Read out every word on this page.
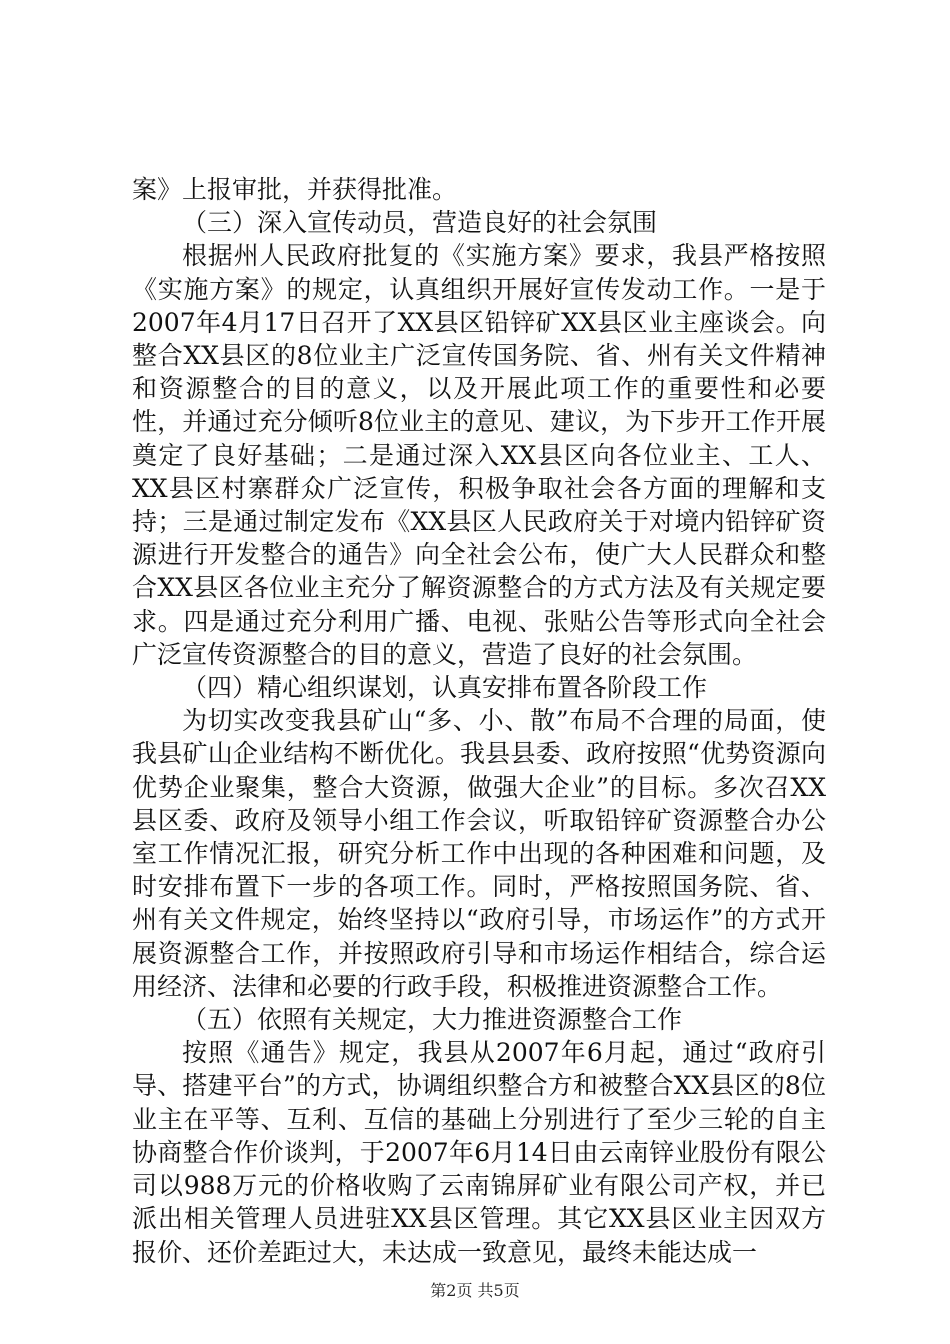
案》上报审批，并获得批准。

（三）深入宣传动员，营造良好的社会氛围

根据州人民政府批复的《实施方案》要求，我县严格按照《实施方案》的规定，认真组织开展好宣传发动工作。一是于2007年4月17日召开了XX县区铅锌矿XX县区业主座谈会。向整合XX县区的8位业主广泛宣传国务院、省、州有关文件精神和资源整合的目的意义，以及开展此项工作的重要性和必要性，并通过充分倾听8位业主的意见、建议，为下步开工作开展奠定了良好基础；二是通过深入XX县区向各位业主、工人、XX县区村寨群众广泛宣传，积极争取社会各方面的理解和支持；三是通过制定发布《XX县区人民政府关于对境内铅锌矿资源进行开发整合的通告》向全社会公布，使广大人民群众和整合XX县区各位业主充分了解资源整合的方式方法及有关规定要求。四是通过充分利用广播、电视、张贴公告等形式向全社会广泛宣传资源整合的目的意义，营造了良好的社会氛围。

（四）精心组织谋划，认真安排布置各阶段工作

为切实改变我县矿山“多、小、散”布局不合理的局面，使我县矿山企业结构不断优化。我县县委、政府按照“优势资源向优势企业聚集，整合大资源，做强大企业”的目标。多次召XX县区委、政府及领导小组工作会议，听取铅锌矿资源整合办公室工作情况汇报，研究分析工作中出现的各种困难和问题，及时安排布置下一步的各项工作。同时，严格按照国务院、省、州有关文件规定，始终坚持以“政府引导，市场运作”的方式开展资源整合工作，并按照政府引导和市场运作相结合，综合运用经济、法律和必要的行政手段，积极推进资源整合工作。

（五）依照有关规定，大力推进资源整合工作

按照《通告》规定，我县从2007年6月起，通过“政府引导、搭建平台”的方式，协调组织整合方和被整合XX县区的8位业主在平等、互利、互信的基础上分别进行了至少三轮的自主协商整合作价谈判，于2007年6月14日由云南锌业股份有限公司以988万元的价格收购了云南锦屏矿业有限公司产权，并已派出相关管理人员进驻XX县区管理。其它XX县区业主因双方报价、还价差距过大，未达成一致意见，最终未能达成一

第2页 共5页
